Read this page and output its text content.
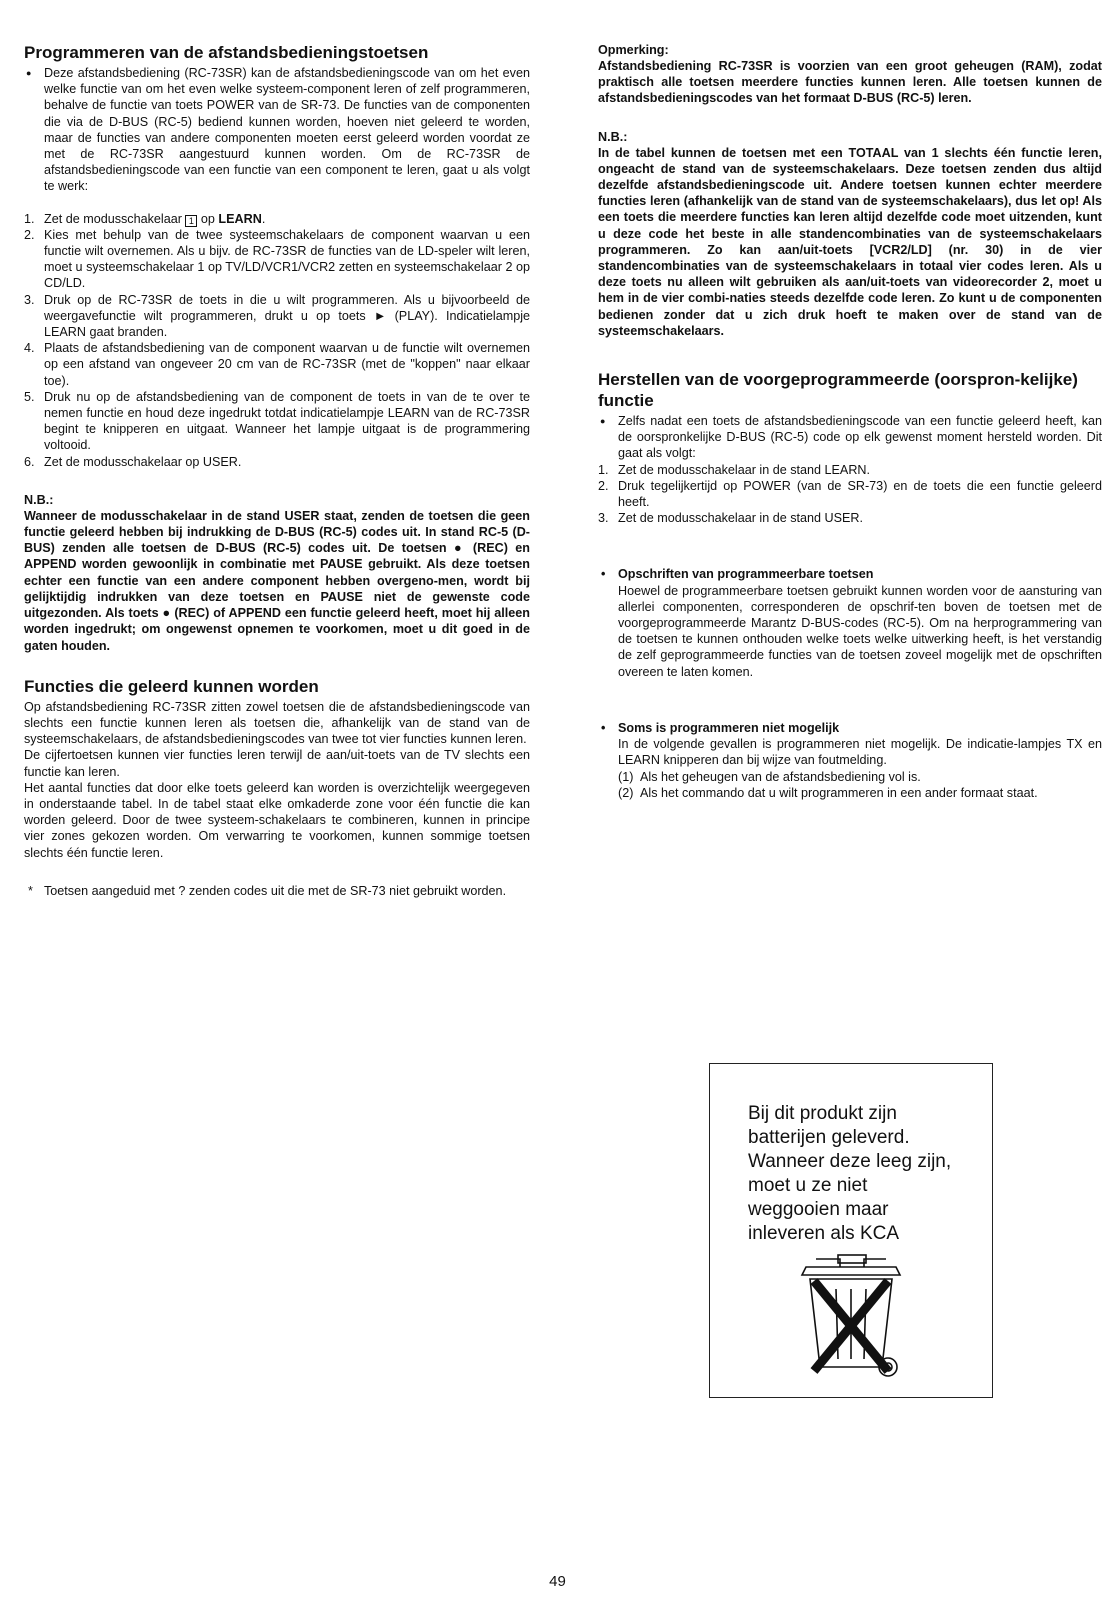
Programmeren van de afstandsbedieningstoetsen
● Deze afstandsbediening (RC-73SR) kan de afstandsbedieningscode van om het even welke functie van om het even welke systeem-component leren of zelf programmeren, behalve de functie van toets POWER van de SR-73. De functies van de componenten die via de D-BUS (RC-5) bediend kunnen worden, hoeven niet geleerd te worden, maar de functies van andere componenten moeten eerst geleerd worden voordat ze met de RC-73SR aangestuurd kunnen worden. Om de RC-73SR de afstandsbedieningscode van een functie van een component te leren, gaat u als volgt te werk:
1. Zet de modusschakelaar 1 op LEARN.
2. Kies met behulp van de twee systeemschakelaars de component waarvan u een functie wilt overnemen. Als u bijv. de RC-73SR de functies van de LD-speler wilt leren, moet u systeemschakelaar 1 op TV/LD/VCR1/VCR2 zetten en systeemschakelaar 2 op CD/LD.
3. Druk op de RC-73SR de toets in die u wilt programmeren. Als u bijvoorbeeld de weergavefunctie wilt programmeren, drukt u op toets ► (PLAY). Indicatielampje LEARN gaat branden.
4. Plaats de afstandsbediening van de component waarvan u de functie wilt overnemen op een afstand van ongeveer 20 cm van de RC-73SR (met de "koppen" naar elkaar toe).
5. Druk nu op de afstandsbediening van de component de toets in van de te over te nemen functie en houd deze ingedrukt totdat indicatielampje LEARN van de RC-73SR begint te knipperen en uitgaat. Wanneer het lampje uitgaat is de programmering voltooid.
6. Zet de modusschakelaar op USER.
N.B.:
Wanneer de modusschakelaar in de stand USER staat, zenden de toetsen die geen functie geleerd hebben bij indrukking de D-BUS (RC-5) codes uit. In stand RC-5 (D-BUS) zenden alle toetsen de D-BUS (RC-5) codes uit. De toetsen ● (REC) en APPEND worden gewoonlijk in combinatie met PAUSE gebruikt. Als deze toetsen echter een functie van een andere component hebben overgeno-men, wordt bij gelijktijdig indrukken van deze toetsen en PAUSE niet de gewenste code uitgezonden. Als toets ● (REC) of APPEND een functie geleerd heeft, moet hij alleen worden ingedrukt; om ongewenst opnemen te voorkomen, moet u dit goed in de gaten houden.
Functies die geleerd kunnen worden

Op afstandsbediening RC-73SR zitten zowel toetsen die de afstandsbedieningscode van slechts een functie kunnen leren als toetsen die, afhankelijk van de stand van de systeemschakelaars, de afstandsbedieningscodes van twee tot vier functies kunnen leren.

De cijfertoetsen kunnen vier functies leren terwijl de aan/uit-toets van de TV slechts een functie kan leren.

Het aantal functies dat door elke toets geleerd kan worden is overzichtelijk weergegeven in onderstaande tabel. In de tabel staat elke omkaderde zone voor één functie die kan worden geleerd. Door de twee systeem-schakelaars te combineren, kunnen in principe vier zones gekozen worden. Om verwarring te voorkomen, kunnen sommige toetsen slechts één functie leren.

* Toetsen aangeduid met ? zenden codes uit die met de SR-73 niet gebruikt worden.
Opmerking:
Afstandsbediening RC-73SR is voorzien van een groot geheugen (RAM), zodat praktisch alle toetsen meerdere functies kunnen leren. Alle toetsen kunnen de afstandsbedieningscodes van het formaat D-BUS (RC-5) leren.
N.B.:
In de tabel kunnen de toetsen met een TOTAAL van 1 slechts één functie leren, ongeacht de stand van de systeemschakelaars. Deze toetsen zenden dus altijd dezelfde afstandsbedieningscode uit. Andere toetsen kunnen echter meerdere functies leren (afhankelijk van de stand van de systeemschakelaars), dus let op! Als een toets die meerdere functies kan leren altijd dezelfde code moet uitzenden, kunt u deze code het beste in alle standencombinaties van de systeemschakelaars programmeren. Zo kan aan/uit-toets [VCR2/LD] (nr. 30) in de vier standencombinaties van de systeemschakelaars in totaal vier codes leren. Als u deze toets nu alleen wilt gebruiken als aan/uit-toets van videorecorder 2, moet u hem in de vier combi-naties steeds dezelfde code leren. Zo kunt u de componenten bedienen zonder dat u zich druk hoeft te maken over de stand van de systeemschakelaars.
Herstellen van de voorgeprogrammeerde (oorspron-kelijke) functie
● Zelfs nadat een toets de afstandsbedieningscode van een functie geleerd heeft, kan de oorspronkelijke D-BUS (RC-5) code op elk gewenst moment hersteld worden. Dit gaat als volgt:
1. Zet de modusschakelaar in de stand LEARN.
2. Druk tegelijkertijd op POWER (van de SR-73) en de toets die een functie geleerd heeft.
3. Zet de modusschakelaar in de stand USER.
• Opschriften van programmeerbare toetsen
Hoewel de programmeerbare toetsen gebruikt kunnen worden voor de aansturing van allerlei componenten, corresponderen de opschrif-ten boven de toetsen met de voorgeprogrammeerde Marantz D-BUS-codes (RC-5). Om na herprogrammering van de toetsen te kunnen onthouden welke toets welke uitwerking heeft, is het verstandig de zelf geprogrammeerde functies van de toetsen zoveel mogelijk met de opschriften overeen te laten komen.
• Soms is programmeren niet mogelijk
In de volgende gevallen is programmeren niet mogelijk. De indicatie-lampjes TX en LEARN knipperen dan bij wijze van foutmelding.
(1) Als het geheugen van de afstandsbediening vol is.
(2) Als het commando dat u wilt programmeren in een ander formaat staat.
Bij dit produkt zijn
batterijen geleverd.
Wanneer deze leeg zijn,
moet u ze niet
weggooien maar
inleveren als KCA
49
